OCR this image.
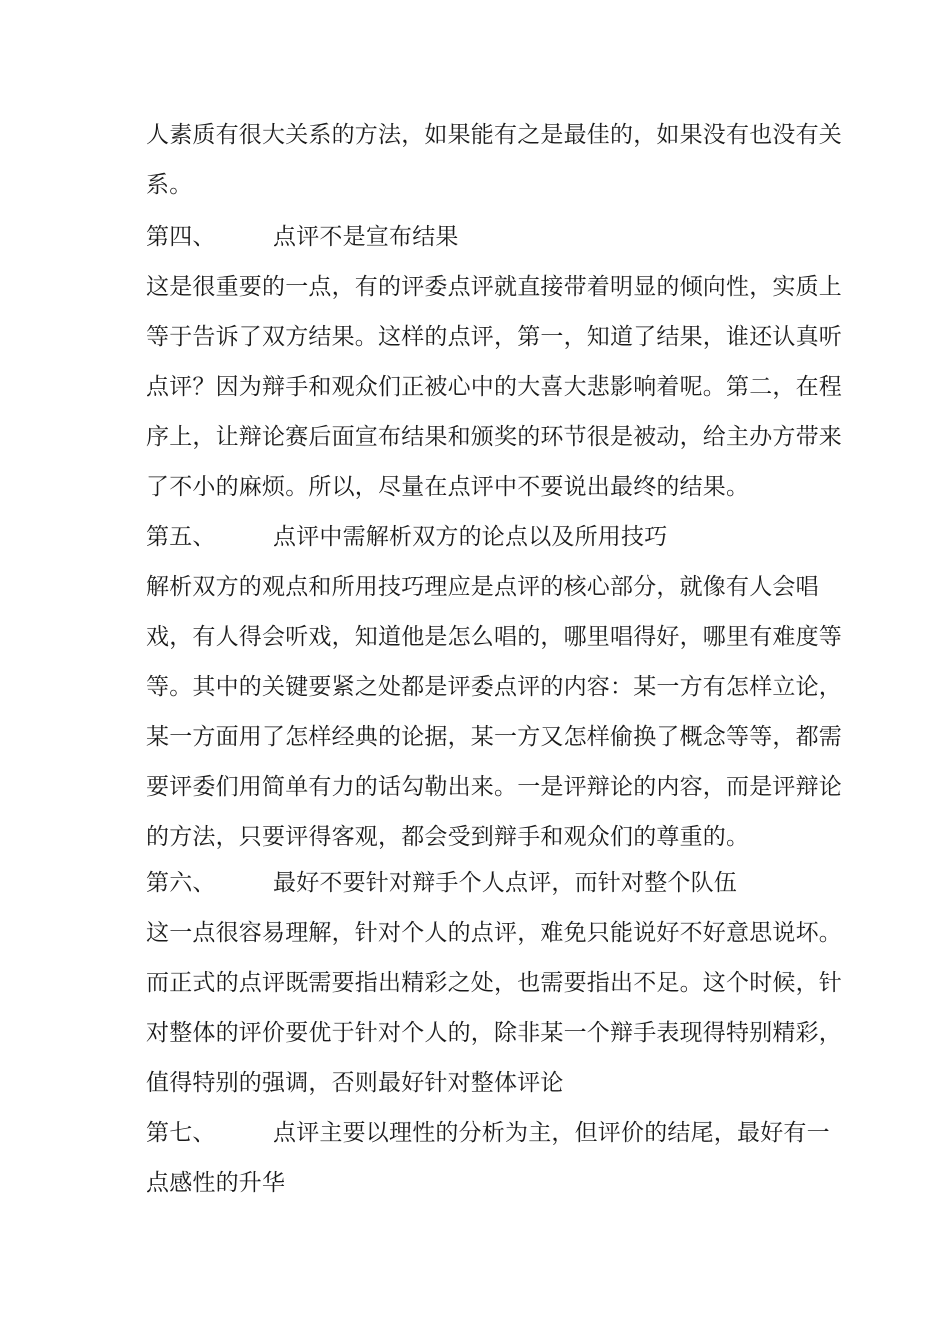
人素质有很大关系的方法，如果能有之是最佳的，如果没有也没有关
系。
第四、 点评不是宣布结果
这是很重要的一点，有的评委点评就直接带着明显的倾向性，实质上
等于告诉了双方结果。这样的点评，第一，知道了结果，谁还认真听
点评？因为辩手和观众们正被心中的大喜大悲影响着呢。第二，在程
序上，让辩论赛后面宣布结果和颁奖的环节很是被动，给主办方带来
了不小的麻烦。所以，尽量在点评中不要说出最终的结果。
第五、 点评中需解析双方的论点以及所用技巧
解析双方的观点和所用技巧理应是点评的核心部分，就像有人会唱
戏，有人得会听戏，知道他是怎么唱的，哪里唱得好，哪里有难度等
等。其中的关键要紧之处都是评委点评的内容：某一方有怎样立论，
某一方面用了怎样经典的论据，某一方又怎样偷换了概念等等，都需
要评委们用简单有力的话勾勒出来。一是评辩论的内容，而是评辩论
的方法，只要评得客观，都会受到辩手和观众们的尊重的。
第六、 最好不要针对辩手个人点评，而针对整个队伍
这一点很容易理解，针对个人的点评，难免只能说好不好意思说坏。
而正式的点评既需要指出精彩之处，也需要指出不足。这个时候，针
对整体的评价要优于针对个人的，除非某一个辩手表现得特别精彩，
值得特别的强调，否则最好针对整体评论
第七、 点评主要以理性的分析为主，但评价的结尾，最好有一
点感性的升华
